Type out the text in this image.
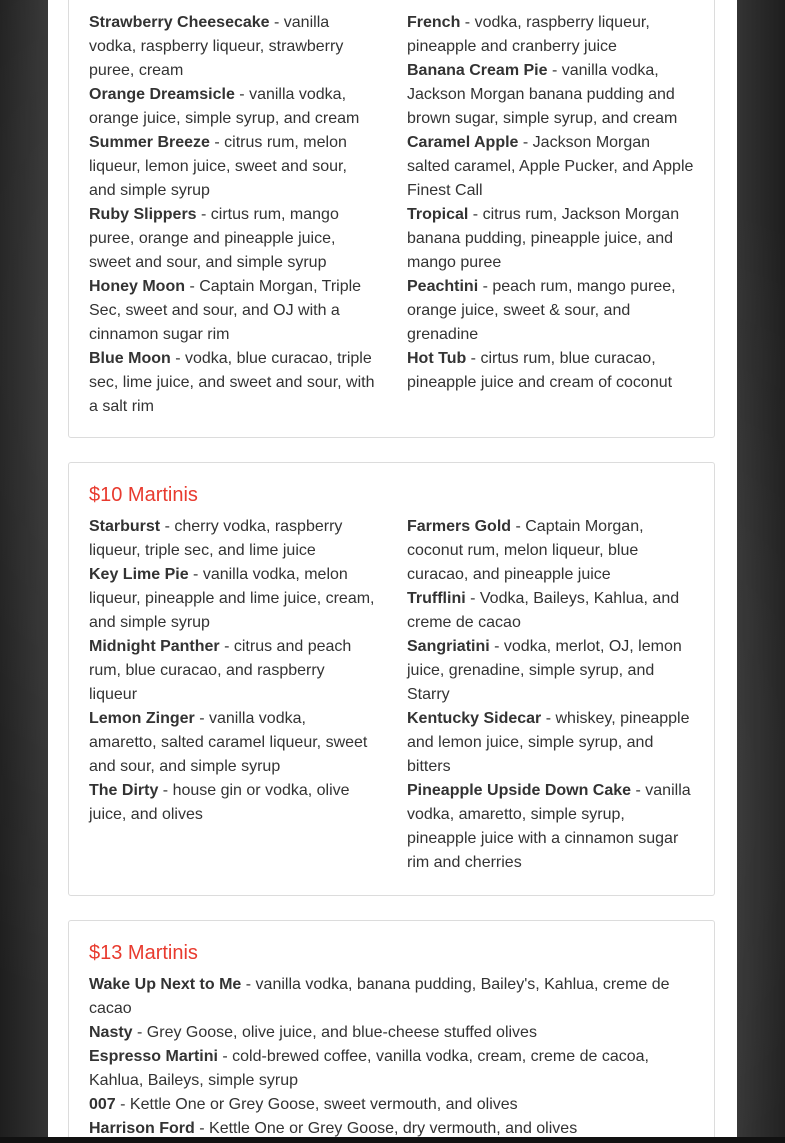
Strawberry Cheesecake - vanilla vodka, raspberry liqueur, strawberry puree, cream

Orange Dreamsicle - vanilla vodka, orange juice, simple syrup, and cream

Summer Breeze - citrus rum, melon liqueur, lemon juice, sweet and sour, and simple syrup

Ruby Slippers - cirtus rum, mango puree, orange and pineapple juice, sweet and sour, and simple syrup

Honey Moon - Captain Morgan, Triple Sec, sweet and sour, and OJ with a cinnamon sugar rim

Blue Moon - vodka, blue curacao, triple sec, lime juice, and sweet and sour, with a salt rim

French - vodka, raspberry liqueur, pineapple and cranberry juice

Banana Cream Pie - vanilla vodka, Jackson Morgan banana pudding and brown sugar, simple syrup, and cream

Caramel Apple - Jackson Morgan salted caramel, Apple Pucker, and Apple Finest Call

Tropical - citrus rum, Jackson Morgan banana pudding, pineapple juice, and mango puree

Peachtini - peach rum, mango puree, orange juice, sweet & sour, and grenadine

Hot Tub - cirtus rum, blue curacao, pineapple juice and cream of coconut

$10 Martinis

Starburst - cherry vodka, raspberry liqueur, triple sec, and lime juice

Key Lime Pie - vanilla vodka, melon liqueur, pineapple and lime juice, cream, and simple syrup

Midnight Panther - citrus and peach rum, blue curacao, and raspberry liqueur

Lemon Zinger - vanilla vodka, amaretto, salted caramel liqueur, sweet and sour, and simple syrup

The Dirty - house gin or vodka, olive juice, and olives

Farmers Gold - Captain Morgan, coconut rum, melon liqueur, blue curacao, and pineapple juice

Trufflini - Vodka, Baileys, Kahlua, and creme de cacao

Sangriatini - vodka, merlot, OJ, lemon juice, grenadine, simple syrup, and Starry

Kentucky Sidecar - whiskey, pineapple and lemon juice, simple syrup, and bitters

Pineapple Upside Down Cake - vanilla vodka, amaretto, simple syrup, pineapple juice with a cinnamon sugar rim and cherries

$13 Martinis

Wake Up Next to Me - vanilla vodka, banana pudding, Bailey's, Kahlua, creme de cacao

Nasty - Grey Goose, olive juice, and blue-cheese stuffed olives

Espresso Martini - cold-brewed coffee, vanilla vodka, cream, creme de cacoa, Kahlua, Baileys, simple syrup

007 - Kettle One or Grey Goose, sweet vermouth, and olives

Harrison Ford - Kettle One or Grey Goose, dry vermouth, and olives
